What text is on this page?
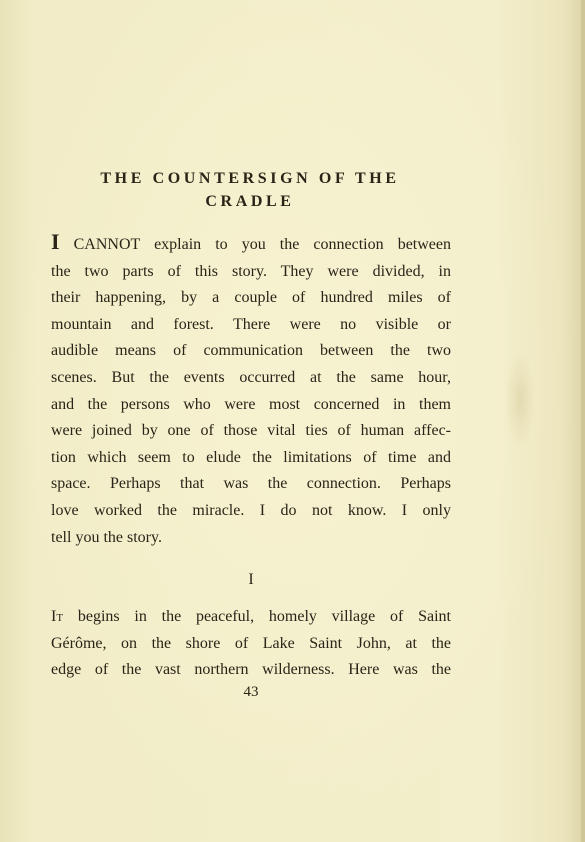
THE COUNTERSIGN OF THE
CRADLE
I CANNOT explain to you the connection between
the two parts of this story. They were divided, in
their happening, by a couple of hundred miles of
mountain and forest. There were no visible or
audible means of communication between the two
scenes. But the events occurred at the same hour,
and the persons who were most concerned in them
were joined by one of those vital ties of human affec-
tion which seem to elude the limitations of time and
space. Perhaps that was the connection. Perhaps
love worked the miracle. I do not know. I only
tell you the story.

I

It begins in the peaceful, homely village of Saint
Gérôme, on the shore of Lake Saint John, at the
edge of the vast northern wilderness. Here was the

43
